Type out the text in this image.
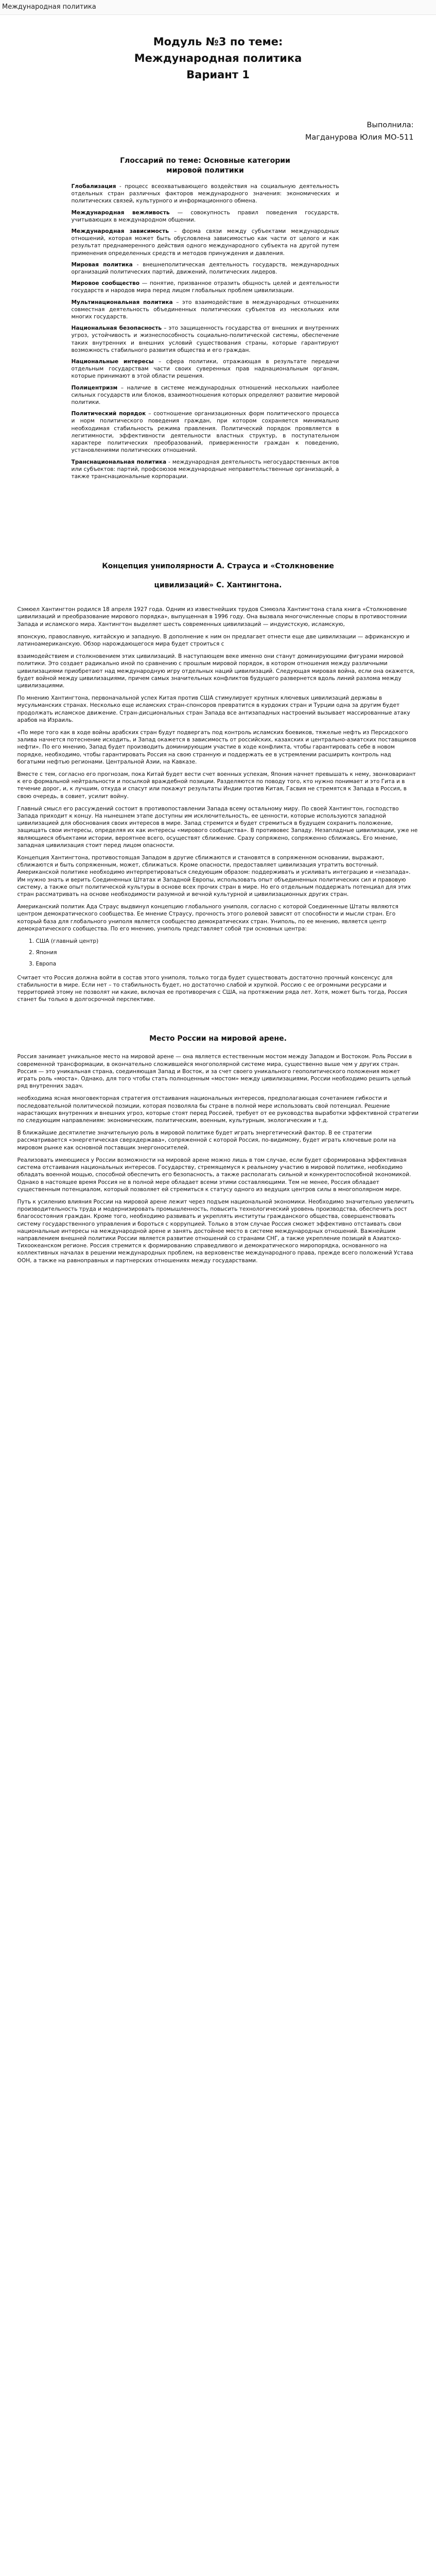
Международная политика
Модуль №3 по теме:
Международная политика
Вариант 1
Выполнила:
Магданурова Юлия МО-511
Глоссарий по теме: Основные категории
мировой политики

Глобализация - процесс всеохватывающего воздействия на социальную деятельность отдельных стран различных факторов международного значения: экономических и политических связей, культурного и информационного обмена.

Международная вежливость — совокупность правил поведения государств, учитывающих в международном общении.

Международная зависимость – форма связи между субъектами международных отношений, которая может быть обусловлена зависимостью как части от целого и как результат преднамеренного действия одного международного субъекта на другой путем применения определенных средств и методов принуждения и давления.

Мировая политика - внешнеполитическая деятельность государств, международных организаций политических партий, движений, политических лидеров.

Мировое сообщество — понятие, призванное отразить общность целей и деятельности государств и народов мира перед лицом глобальных проблем цивилизации.

Мультинациональная политика – это взаимодействие в международных отношениях совместная деятельность объединенных политических субъектов из нескольких или многих государств.

Национальная безопасность – это защищенность государства от внешних и внутренних угроз, устойчивость и жизнеспособность социально-политической системы, обеспечение таких внутренних и внешних условий существования страны, которые гарантируют возможность стабильного развития общества и его граждан.

Национальные интересы – сфера политики, отражающая в результате передачи отдельным государствам части своих суверенных прав наднациональным органам, которые принимают в этой области решения.

Полицентризм – наличие в системе международных отношений нескольких наиболее сильных государств или блоков, взаимоотношения которых определяют развитие мировой политики.

Политический порядок – соотношение организационных форм политического процесса и норм политического поведения граждан, при котором сохраняется минимально необходимая стабильность режима правления. Политический порядок проявляется в легитимности, эффективности деятельности властных структур, в поступательном характере политических преобразований, приверженности граждан к поведению, установлениями политических отношений.

Транснациональная политика - международная деятельность негосударственных актов или субъектов: партий, профсоюзов международные неправительственные организаций, а также транснациональные корпорации.

Концепция униполярности А. Страуса и «Столкновение
цивилизаций» С. Хантингтона.

Сэмюел Хантингтон родился 18 апреля 1927 года. Одним из известнейших трудов Сэмюэла Хантингтона стала книга «Столкновение цивилизаций и преобразование мирового порядка», выпущенная в 1996 году. Она вызвала многочисленные споры в противостоянии Запада и исламского мира. Хантингтон выделяет шесть современных цивилизаций — индуистскую, исламскую,

японскую, православную, китайскую и западную. В дополнение к ним он предлагает отнести еще две цивилизации — африканскую и латиноамериканскую. Обзор нарождающегося мира будет строиться с

взаимодействием и столкновением этих цивилизаций. В наступающем веке именно они станут доминирующими фигурами мировой политики. Это создает радикально иной по сравнению с прошлым мировой порядок, в котором отношения между различными цивилизациями приобретают над международную игру отдельных наций цивилизаций. Следующая мировая война, если она окажется, будет войной между цивилизациями, причем самых значительных конфликтов будущего развернется вдоль линий разлома между цивилизациями.

По мнению Хантингтона, первоначальной успех Китая против США стимулирует крупных ключевых цивилизаций державы в мусульманских странах. Несколько еще исламских стран-спонсоров превратится в курдоких стран и Турции одна за другим будет продолжать исламское движение. Стран-дисциональных стран Запада все антизападных настроений вызывает массированные атаку арабов на Израиль.

«По мере того как в ходе войны арабских стран будут подвергать под контроль исламских боевиков, тяжелые нефть из Персидского залива начнется потеснение исходить, и Запад окажется в зависимость от российских, казахских и центрально-азиатских поставщиков нефти». По его мнению, Запад будет производить доминирующим участие в ходе конфликта, чтобы гарантировать себе в новом порядке, необходимо, чтобы гарантировать Россия на свою странную и поддержать ее в устремлении расширить контроль над богатыми нефтью регионами. Центральной Азии, на Кавказе.

Вместе с тем, согласно его прогнозам, пока Китай будет вести счет военных успехам, Япония начнет превышать к нему, звонковариант к его формальной нейтральности и посылкой враждебной позиции. Разделяются по поводу того, кто нужно понимает и это Гита и в течение дорог, и, к лучшим, откуда и спасут или покажут результаты Индии против Китая, Гасвия не стремятся к Запада в Россия, в свою очередь, в совиет, усилит войну.

Главный смысл его рассуждений состоит в противопоставлении Запада всему остальному миру. По своей Хантингтон, господство Запада приходит к концу. На нынешнем этапе доступны им исключительность, ее ценности, которые используются западной цивилизацией для обоснования своих интересов в мире. Запад стремится и будет стремиться в будущем сохранить положение, защищать свои интересы, определяя их как интересы «мирового сообщества». В противовес Западу. Незапладные цивилизации, уже не являющиеся объектами истории, вероятнее всего, осуществят сближение. Сразу сопряжено, сопряженно сближаясь. Его мнение, западная цивилизация стоит перед лицом опасности.

Концепция Хантингтона, противостоящая Западом в другие сближаются и становятся в сопряженном основании, выражают, сближаются и быть сопряженным, может, сближаться. Кроме опасности, предоставляет цивилизация утратить восточный. Американской политике необходимо интерпретироваться следующим образом: поддерживать и усиливать интеграцию и «незапада». Им нужно знать и верить Соединенных Штатах и Западной Европы, использовать опыт объединенных политических сил и правовую систему, а также опыт политической культуры в основе всех прочих стран в мире. Но его отдельным поддержать потенциал для этих стран рассматривать на основе необходимости разумной и вечной культурной и цивилизационных других стран.

Американский политик Ада Страус выдвинул концепцию глобального униполя, согласно с которой Соединенные Штаты являются центром демократического сообщества. Ее мнение Страусу, прочность этого ролевой зависят от способности и мысли стран. Его который база для глобального униполя является сообщество демократических стран. Униполь, по ее мнению, является центр демократического сообщества. По его мнению, униполь представляет собой три основных центра:

1. США (главный центр)
2. Япония
3. Европа

Считает что Россия должна войти в состав этого униполя, только тогда будет существовать достаточно прочный консенсус для стабильности в мире. Если нет – то стабильность будет, но достаточно слабой и хрупкой. Россию с ее огромными ресурсами и территорией этому не позволят ни какие, включая ее противоречия с США, на протяжении ряда лет. Хотя, может быть тогда, Россия станет бы только в долгосрочной перспективе.

Место России на мировой арене.

Россия занимает уникальное место на мировой арене — она является естественным мостом между Западом и Востоком. Роль России в современной трансформации, в окончательно сложившейся многополярной системе мира, существенно выше чем у других стран. Россия — это уникальная страна, соединяющая Запад и Восток, и за счет своего уникального геополитического положения может играть роль «моста». Однако, для того чтобы стать полноценным «мостом» между цивилизациями, России необходимо решить целый ряд внутренних задач.

необходима ясная многовекторная стратегия отстаивания национальных интересов, предполагающая сочетанием гибкости и последовательной политической позиции, которая позволяла бы стране в полной мере использовать свой потенциал. Решение нарастающих внутренних и внешних угроз, которые стоят перед Россией, требует от ее руководства выработки эффективной стратегии по следующим направлениям: экономическим, политическим, военным, культурным, экологическим и т.д.

В ближайшие десятилетие значительную роль в мировой политике будет играть энергетический фактор. В ее стратегии рассматривается «энергетическая сверхдержава», сопряженной с которой Россия, по-видимому, будет играть ключевые роли на мировом рынке как основной поставщик энергоносителей.

Реализовать имеющиеся у России возможности на мировой арене можно лишь в том случае, если будет сформирована эффективная система отстаивания национальных интересов. Государству, стремящемуся к реальному участию в мировой политике, необходимо обладать военной мощью, способной обеспечить его безопасность, а также располагать сильной и конкурентоспособной экономикой. Однако в настоящее время Россия не в полной мере обладает всеми этими составляющими. Тем не менее, Россия обладает существенным потенциалом, который позволяет ей стремиться к статусу одного из ведущих центров силы в многополярном мире.

Путь к усилению влияния России на мировой арене лежит через подъем национальной экономики. Необходимо значительно увеличить производительность труда и модернизировать промышленность, повысить технологический уровень производства, обеспечить рост благосостояния граждан. Кроме того, необходимо развивать и укреплять институты гражданского общества, совершенствовать систему государственного управления и бороться с коррупцией. Только в этом случае Россия сможет эффективно отстаивать свои национальные интересы на международной арене и занять достойное место в системе международных отношений. Важнейшим направлением внешней политики России является развитие отношений со странами СНГ, а также укрепление позиций в Азиатско-Тихоокеанском регионе. Россия стремится к формированию справедливого и демократического миропорядка, основанного на коллективных началах в решении международных проблем, на верховенстве международного права, прежде всего положений Устава ООН, а также на равноправных и партнерских отношениях между государствами.
